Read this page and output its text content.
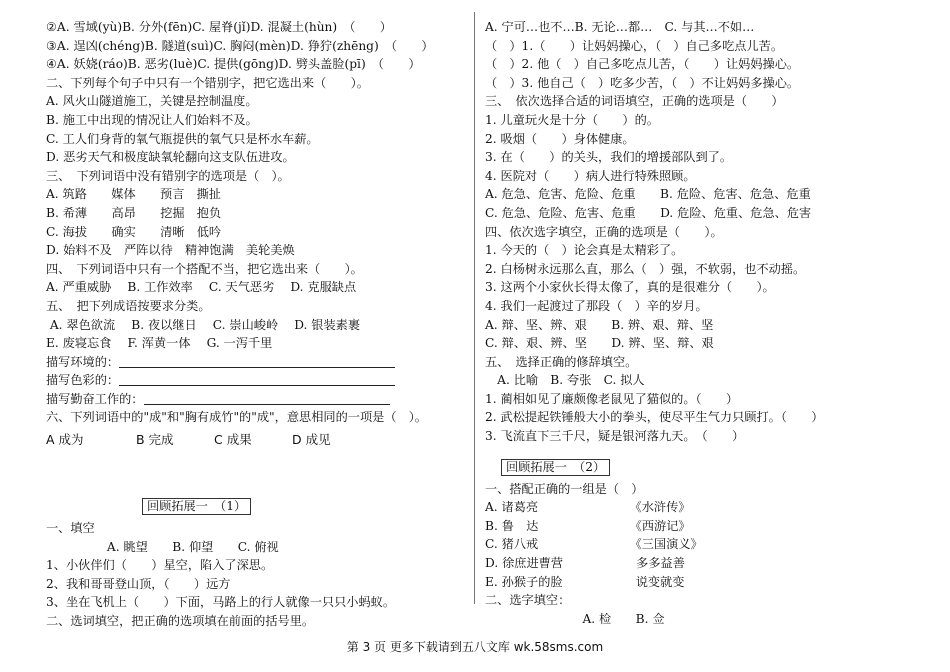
②A. 雪域(yù)B. 分外(fēn)C. 屋脊(jǐ)D. 混凝土(hùn)　（　　）
③A. 逞凶(chéng)B. 隧道(suì)C. 胸闷(mèn)D. 狰狞(zhēng)　（　　）
④A. 妖娆(ráo)B. 恶劣(luè)C. 提供(gōng)D. 劈头盖脸(pī)　（　　）
二、下列每个句子中只有一个错别字，把它选出来（　　）。
A. 风火山隧道施工，关键是控制温度。
B. 施工中出现的情况让人们始料不及。
C. 工人们身背的氧气瓶提供的氧气只是杯水车薪。
D. 恶劣天气和极度缺氧轮翻向这支队伍进攻。
三、　下列词语中没有错别字的选项是（　）。
A. 筑路　　媒体　　预言　撕扯
B. 希薄　　高昂　　挖掘　抱负
C. 海拔　　确实　　清晰　低吟
D. 始料不及　严阵以待　精神饱满　美轮美焕
四、　下列词语中只有一个搭配不当，把它选出来（　　）。
A. 严重威胁　 B. 工作效率　 C. 天气恶劣　 D. 克服缺点
五、　把下列成语按要求分类。
A. 翠色欲流　 B. 夜以继日　 C. 崇山峻岭　 D. 银装素裹
E. 废寝忘食　 F. 浑黄一体　 G. 一泻千里
描写环境的：
描写色彩的：
描写勤奋工作的：
六、下列词语中的"成"和"胸有成竹"的"成"，意思相同的一项是（　）。
A 成为	B 完成	C 成果	D 成见
回顾拓展一　（1）
一、填空
　　　　　A. 眺望　　B. 仰望　　C. 俯视
1、小伙伴们（　　）星空，陷入了深思。
2、我和哥哥登山顶，（　　）远方
3、坐在飞机上（　　）下面，马路上的行人就像一只只小蚂蚁。
二、选词填空，把正确的选项填在前面的括号里。
A. 宁可…也不…B. 无论…都…　C. 与其…不如…
（　）1.（　　）让妈妈操心，（　）自己多吃点儿苦。
（　）2. 他（　）自己多吃点儿苦，（　　）让妈妈操心。
（　）3. 他自己（　）吃多少苦，（　）不让妈妈多操心。
三、　依次选择合适的词语填空，正确的选项是（　　）
1. 儿童玩火是十分（　　）的。
2. 吸烟（　　）身体健康。
3. 在（　　）的关头，我们的增援部队到了。
4. 医院对（　　）病人进行特殊照顾。
A. 危急、危害、危险、危重　　B. 危险、危害、危急、危重
C. 危急、危险、危害、危重　　D. 危险、危重、危急、危害
四、依次选字填空，正确的选项是（　　）。
1. 今天的（　）论会真是太精彩了。
2. 白杨树永远那么直，那么（　）强，不软弱，也不动摇。
3. 这两个小家伙长得太像了，真的是很难分（　　）。
4. 我们一起渡过了那段（　）辛的岁月。
A. 辩、坚、辨、艰　　B. 辨、艰、辩、坚
C. 辩、艰、辨、坚　　D. 辨、坚、辩、艰
五、　选择正确的修辞填空。
　A. 比喻　B. 夸张　C. 拟人
1. 蔺相如见了廉颇像老鼠见了猫似的。（　　）
2. 武松提起铁锤般大小的拳头，使尽平生气力只顾打。（　　）
3. 飞流直下三千尺，疑是银河落九天。　（　　）
回顾拓展一　（2）
一、搭配正确的一组是（　）
A. 诸葛亮　　　　　　　　《水浒传》
B. 鲁　达　　　　　　　　《西游记》
C. 猪八戒　　　　　　　　《三国演义》
D. 徐庶进曹营　　　　　　多多益善
E. 孙猴子的脸　　　　　　说变就变
二、选字填空：
　　　　　　　　A. 检　　B. 佥
第 3 页 更多下载请到五八文库 wk.58sms.com
